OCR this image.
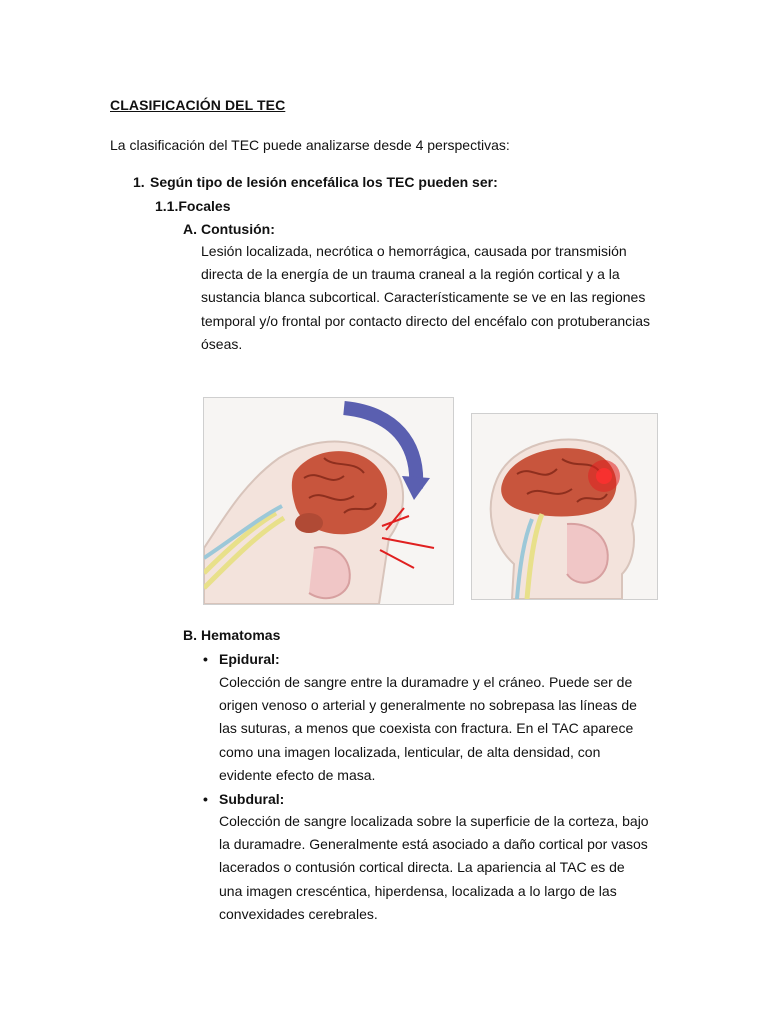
CLASIFICACIÓN DEL TEC
La clasificación del TEC puede analizarse desde 4 perspectivas:
1. Según tipo de lesión encefálica los TEC pueden ser:
1.1.Focales
A. Contusión:
Lesión localizada, necrótica o hemorrágica, causada por transmisión
directa de la energía de un trauma craneal a la región cortical y a la
sustancia blanca subcortical. Característicamente se ve en las regiones
temporal y/o frontal por contacto directo del encéfalo con protuberancias
óseas.
B. Hematomas
• Epidural:
Colección de sangre entre la duramadre y el cráneo. Puede ser de
origen venoso o arterial y generalmente no sobrepasa las líneas de
las suturas, a menos que coexista con fractura. En el TAC aparece
como una imagen localizada, lenticular, de alta densidad, con
evidente efecto de masa.
• Subdural:
Colección de sangre localizada sobre la superficie de la corteza, bajo
la duramadre. Generalmente está asociado a daño cortical por vasos
lacerados o contusión cortical directa. La apariencia al TAC es de
una imagen crescéntica, hiperdensa, localizada a lo largo de las
convexidades cerebrales.
